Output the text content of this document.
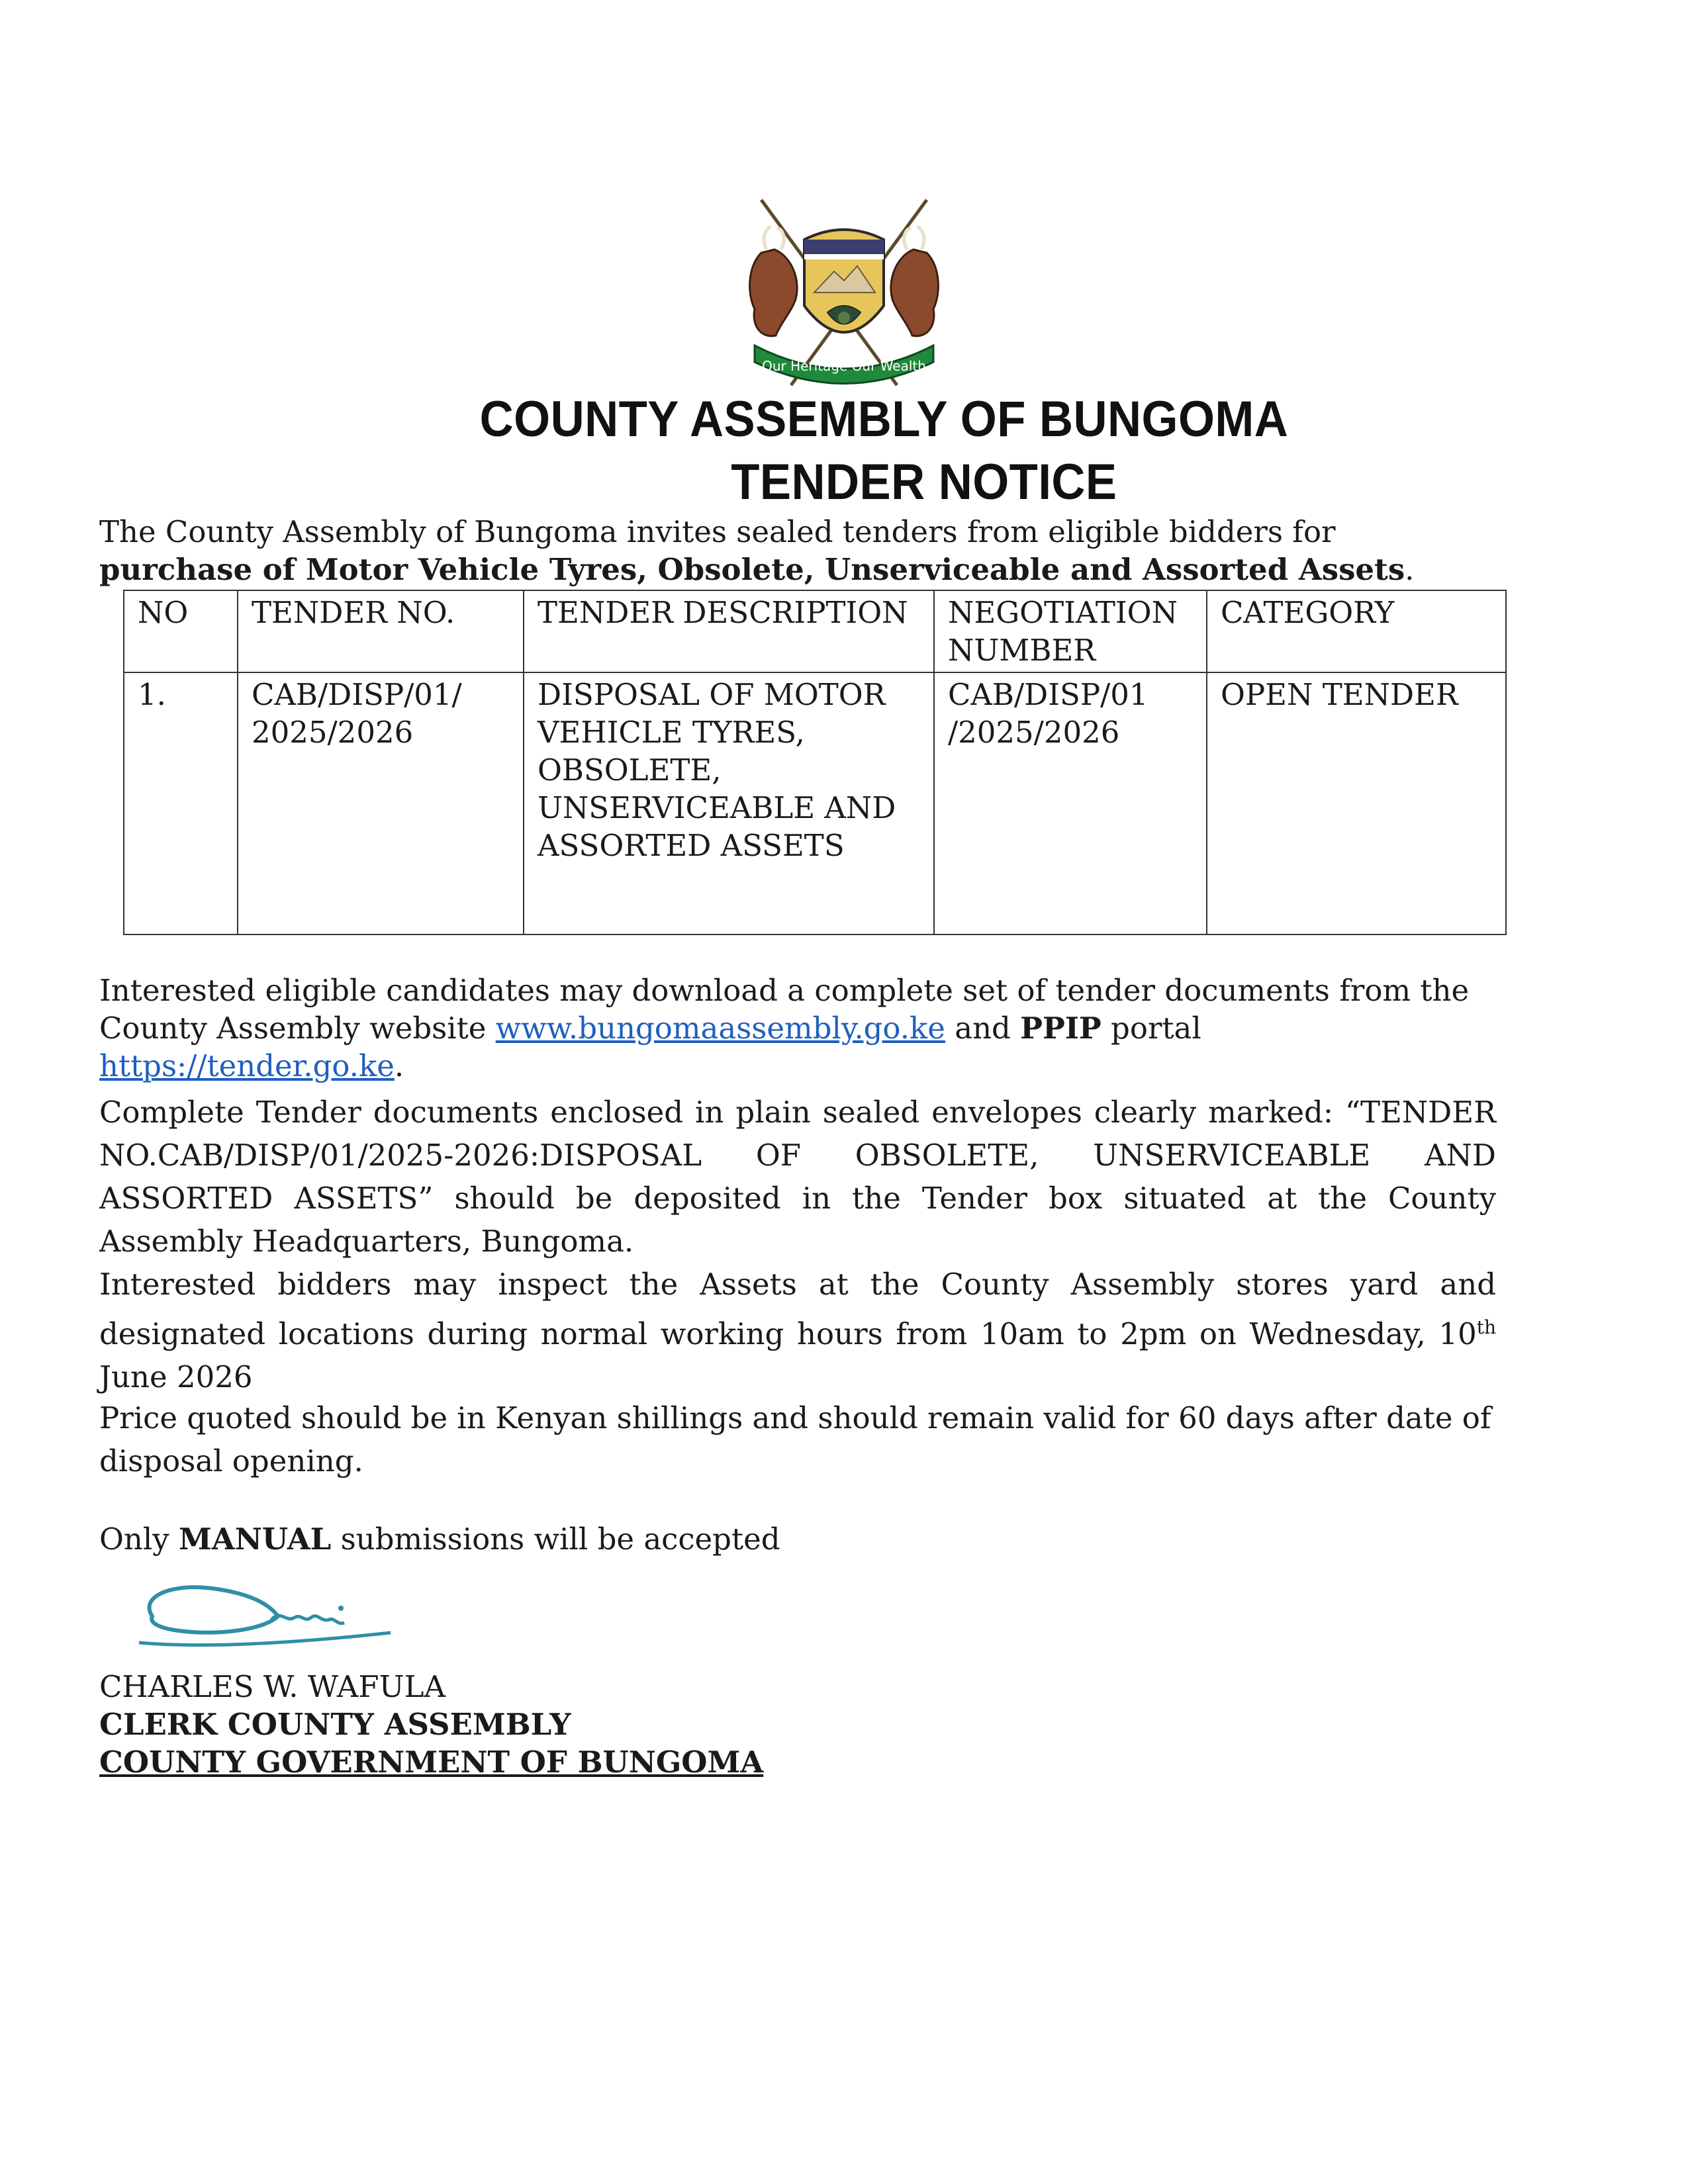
Our Heritage Our Wealth
COUNTY ASSEMBLY OF BUNGOMA
TENDER NOTICE
The County Assembly of Bungoma invites sealed tenders from eligible bidders for purchase of Motor Vehicle Tyres, Obsolete, Unserviceable and Assorted Assets.
NO	TENDER NO.	TENDER DESCRIPTION	NEGOTIATION NUMBER	CATEGORY
1.	CAB/DISP/01/ 2025/2026	DISPOSAL OF MOTOR VEHICLE TYRES, OBSOLETE, UNSERVICEABLE AND ASSORTED ASSETS	CAB/DISP/01 /2025/2026	OPEN TENDER
Interested eligible candidates may download a complete set of tender documents from the County Assembly website www.bungomaassembly.go.ke and PPIP portal https://tender.go.ke.
Complete Tender documents enclosed in plain sealed envelopes clearly marked: “TENDER NO.CAB/DISP/01/2025-2026:DISPOSAL OF OBSOLETE, UNSERVICEABLE AND ASSORTED ASSETS” should be deposited in the Tender box situated at the County Assembly Headquarters, Bungoma.
Interested bidders may inspect the Assets at the County Assembly stores yard and designated locations during normal working hours from 10am to 2pm on Wednesday, 10th June 2026
Price quoted should be in Kenyan shillings and should remain valid for 60 days after date of disposal opening.
Only MANUAL submissions will be accepted
CHARLES W. WAFULA
CLERK COUNTY ASSEMBLY
COUNTY GOVERNMENT OF BUNGOMA
